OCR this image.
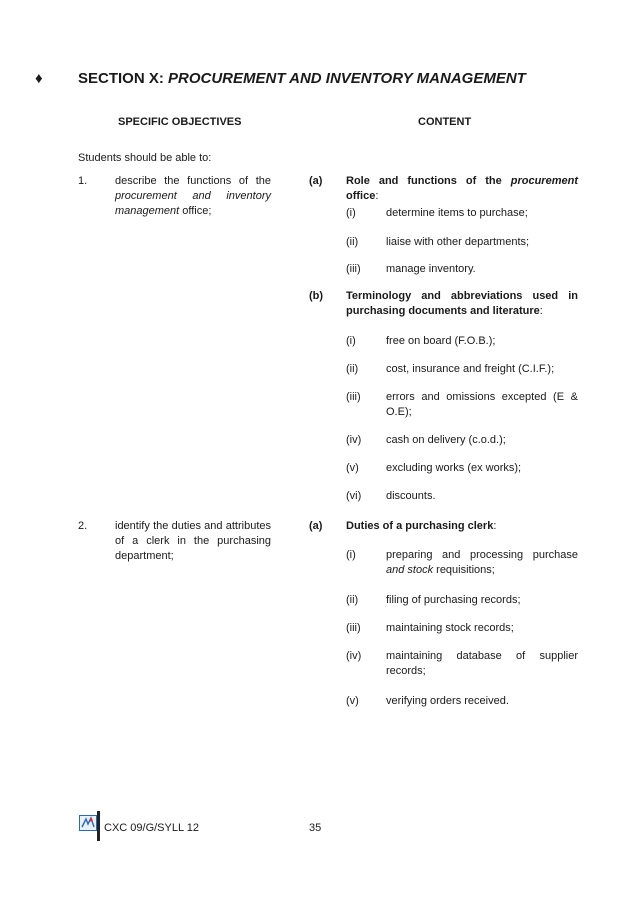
♦ SECTION X: PROCUREMENT AND INVENTORY MANAGEMENT
SPECIFIC OBJECTIVES	CONTENT
Students should be able to:
1.	describe the functions of the procurement and inventory management office;
(a) Role and functions of the procurement office:
(i)	determine items to purchase;
(ii)	liaise with other departments;
(iii) manage inventory.
(b) Terminology and abbreviations used in purchasing documents and literature:
(i)	free on board (F.O.B.);
(ii)	cost, insurance and freight (C.I.F.);
(iii) errors and omissions excepted (E & O.E);
(iv) cash on delivery (c.o.d.);
(v) excluding works (ex works);
(vi) discounts.
2.	identify the duties and attributes of a clerk in the purchasing department;
(a) Duties of a purchasing clerk:
(i)	preparing and processing purchase and stock requisitions;
(ii)	filing of purchasing records;
(iii) maintaining stock records;
(iv) maintaining database of supplier records;
(v) verifying orders received.
CXC 09/G/SYLL 12	35
